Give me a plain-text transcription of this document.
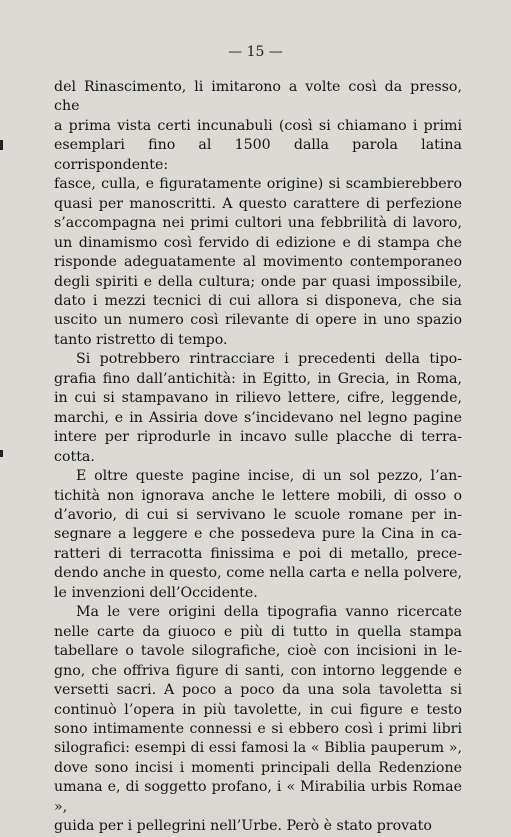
— 15 —

del Rinascimento, li imitarono a volte così da presso, che

a prima vista certi incunabuli (così si chiamano i primi

esemplari fino al 1500 dalla parola latina corrispondente:

fasce, culla, e figuratamente origine) si scambierebbero

quasi per manoscritti. A questo carattere di perfezione

s’accompagna nei primi cultori una febbrilità di lavoro,

un dinamismo così fervido di edizione e di stampa che

risponde adeguatamente al movimento contemporaneo

degli spiriti e della cultura; onde par quasi impossibile,

dato i mezzi tecnici di cui allora si disponeva, che sia

uscito un numero così rilevante di opere in uno spazio

tanto ristretto di tempo.

Si potrebbero rintracciare i precedenti della tipo-

grafia fino dall’antichità: in Egitto, in Grecia, in Roma,

in cui si stampavano in rilievo lettere, cifre, leggende,

marchi, e in Assiria dove s’incidevano nel legno pagine

intere per riprodurle in incavo sulle placche di terra-

cotta.

E oltre queste pagine incise, di un sol pezzo, l’an-

tichità non ignorava anche le lettere mobili, di osso o

d’avorio, di cui si servivano le scuole romane per in-

segnare a leggere e che possedeva pure la Cina in ca-

ratteri di terracotta finissima e poi di metallo, prece-

dendo anche in questo, come nella carta e nella polvere,

le invenzioni dell’Occidente.

Ma le vere origini della tipografia vanno ricercate

nelle carte da giuoco e più di tutto in quella stampa

tabellare o tavole silografiche, cioè con incisioni in le-

gno, che offriva figure di santi, con intorno leggende e

versetti sacri. A poco a poco da una sola tavoletta si

continuò l’opera in più tavolette, in cui figure e testo

sono intimamente connessi e si ebbero così i primi libri

silografici: esempi di essi famosi la « Biblia pauperum »,

dove sono incisi i momenti principali della Redenzione

umana e, di soggetto profano, i « Mirabilia urbis Romae »,

guida per i pellegrini nell’Urbe. Però è stato provato
